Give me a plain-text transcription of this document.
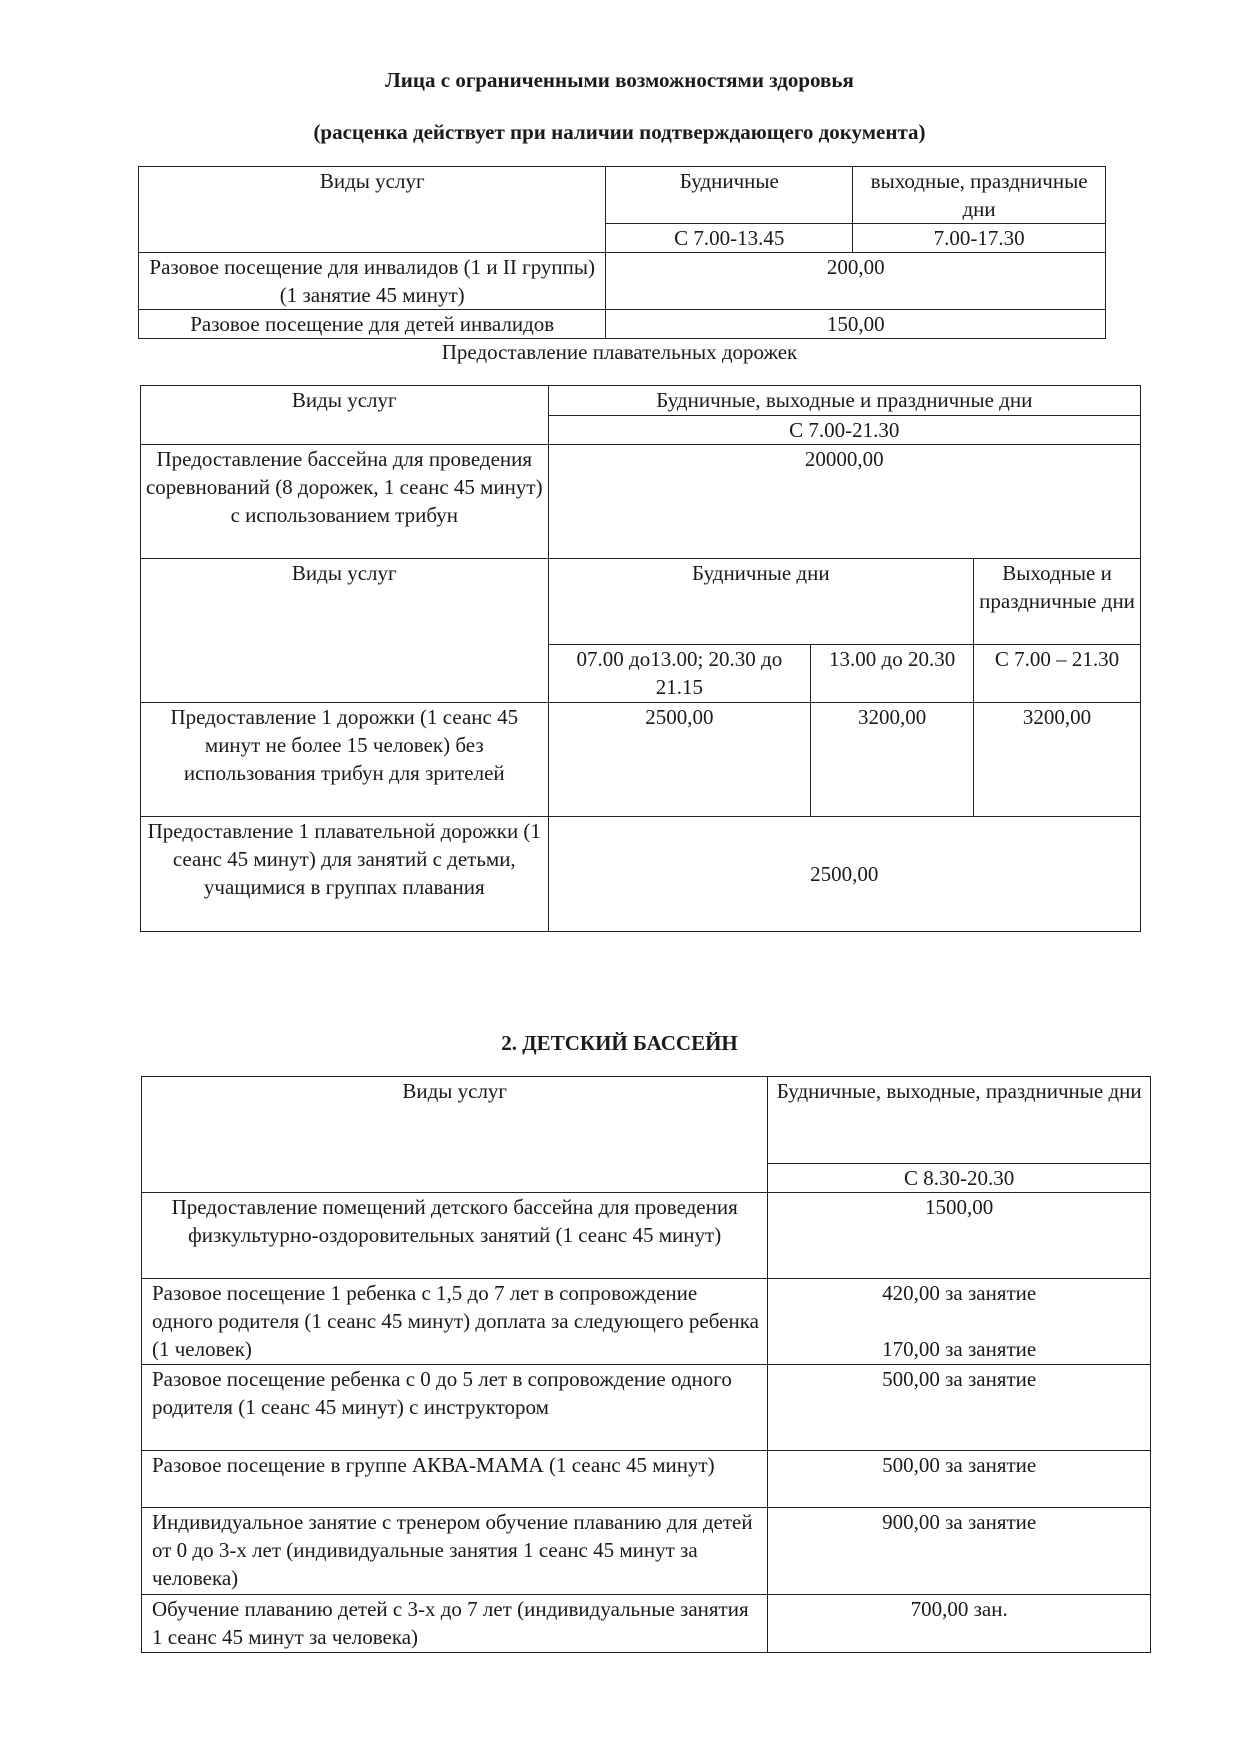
Лица с ограниченными возможностями здоровья
(расценка действует при наличии подтверждающего документа)
Виды услуг	Будничные	выходные, праздничные дни
	С 7.00-13.45	7.00-17.30
Разовое посещение для инвалидов (1 и II группы) (1 занятие 45 минут)	200,00	
Разовое посещение для детей инвалидов	150,00	
Предоставление плавательных дорожек
Виды услуг	Будничные, выходные и праздничные дни		
	С 7.00-21.30		
Предоставление бассейна для проведения соревнований (8 дорожек, 1 сеанс 45 минут) с использованием трибун	20000,00		
Виды услуг	Будничные дни		Выходные и праздничные дни
	07.00 до13.00; 20.30 до 21.15	13.00 до 20.30	С 7.00 – 21.30
Предоставление 1 дорожки (1 сеанс 45 минут не более 15 человек) без использования трибун для зрителей	2500,00	3200,00	3200,00
Предоставление 1 плавательной дорожки (1 сеанс 45 минут) для занятий с детьми, учащимися в группах плавания	2500,00		
2. ДЕТСКИЙ БАССЕЙН
Виды услуг	Будничные, выходные, праздничные дни
	С 8.30-20.30
Предоставление помещений детского бассейна для проведения физкультурно-оздоровительных занятий (1 сеанс 45 минут)	1500,00
Разовое посещение 1 ребенка с 1,5 до 7 лет в сопровождение одного родителя (1 сеанс 45 минут) доплата за следующего ребенка (1 человек)	420,00 за занятие
170,00 за занятие

Разовое посещение ребенка с 0 до 5 лет в сопровождение одного родителя (1 сеанс 45 минут) с инструктором	500,00 за занятие
Разовое посещение в группе АКВА-МАМА (1 сеанс 45 минут)	500,00 за занятие
Индивидуальное занятие с тренером обучение плаванию для детей от 0 до 3-х лет (индивидуальные занятия 1 сеанс 45 минут за человека)	900,00 за занятие
Обучение плаванию детей с 3-х до 7 лет (индивидуальные занятия 1 сеанс 45 минут за человека)	700,00 зан.
